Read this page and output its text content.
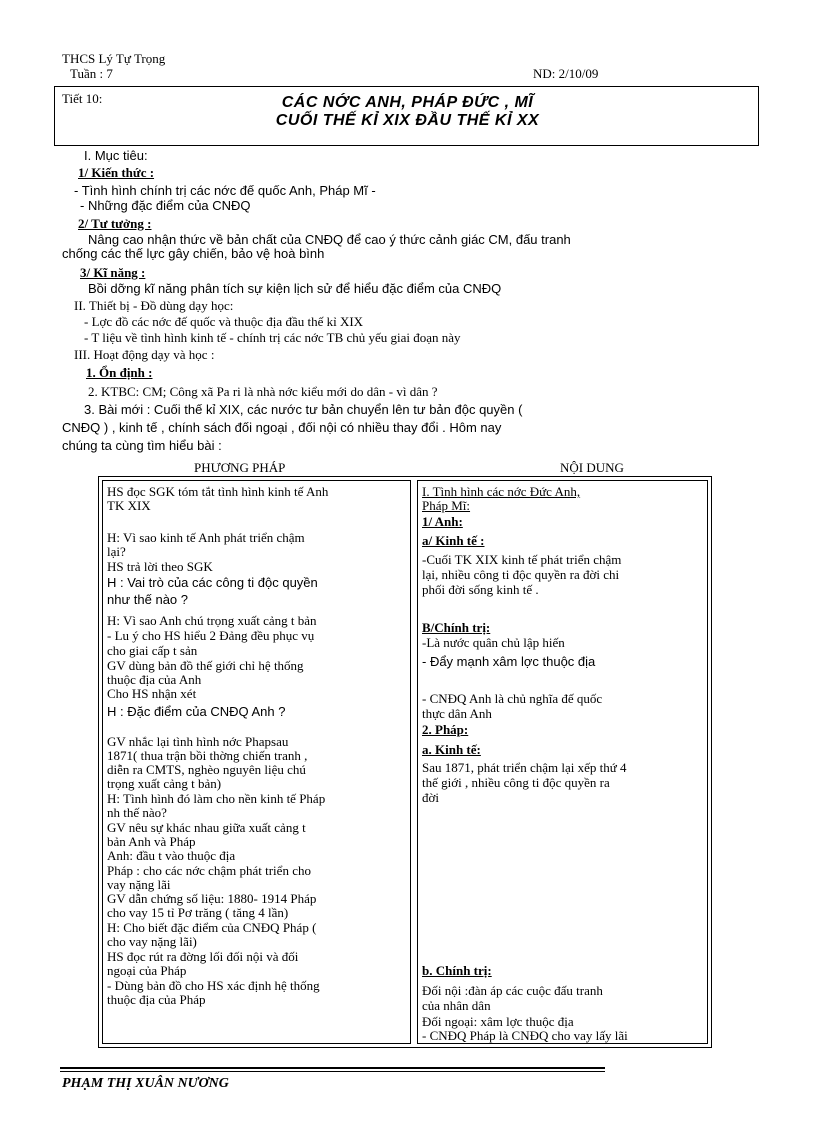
THCS Lý Tự Trọng
Tuần : 7	ND: 2/10/09
Tiết 10:	CÁC NỚC ANH, PHÁP ĐỨC , MĨ
CUỐI THẾ KỈ XIX ĐẦU THẾ KỈ XX
I. Mục tiêu:
1/ Kiến thức :
- Tình hình chính trị các nớc đế quốc Anh, Pháp Mĩ -
- Những đặc điểm của CNĐQ
2/ Tư tưởng :
Nâng cao nhận thức về bản chất của CNĐQ để cao ý thức cảnh giác CM, đấu tranh
chống các thế lực gây chiến, bảo vệ hoà bình
3/ Kĩ năng :
Bồi dỡng kĩ năng phân tích sự kiện lịch sử để hiểu đặc điểm của CNĐQ
II. Thiết bị - Đồ dùng dạy học:
- Lợc đồ các nớc đế quốc và thuộc địa đầu thế kỉ XIX
- T liệu về tình hình kinh tế - chính trị các nớc TB chủ yếu giai đoạn này
III. Hoạt động dạy và học :
1. Ổn định :
2. KTBC: CM; Công xã Pa ri là nhà nớc kiểu mới do dân - vì dân ?
3. Bài mới : Cuối thế kỉ XIX, các nước tư bản chuyển lên tư bản độc quyền (
CNĐQ ) , kinh tế , chính sách đối ngoại , đối nội có nhiều thay đổi . Hôm nay
chúng ta cùng tìm hiểu bài :
PHƯƠNG PHÁP	NỘI DUNG
HS đọc SGK tóm tắt tình hình kinh tế Anh
TK XIX
H: Vì sao kinh tế Anh phát triển chậm
lại?
HS trả lời theo SGK
H : Vai trò của các công ti độc quyền
như thế nào ?
H: Vì sao Anh chú trọng xuất cảng t bản
- Lu ý cho HS hiểu 2 Đảng đều phục vụ
cho giai cấp t sản
GV dùng bản đồ thế giới chỉ hệ thống
thuộc địa của Anh
Cho HS nhận xét
H : Đặc điểm của CNĐQ Anh ?
GV nhắc lại tình hình nớc Phapsau
1871( thua trận bồi thờng chiến tranh ,
diễn ra CMTS, nghèo nguyên liệu chú
trọng xuất cảng t bản)
H: Tình hình đó làm cho nền kinh tế Pháp
nh thế nào?
GV nêu sự khác nhau giữa xuất cảng t
bản Anh và Pháp
Anh: đầu t vào thuộc địa
Pháp : cho các nớc chậm phát triển cho
vay nặng lãi
GV dẫn chứng số liệu: 1880- 1914 Pháp
cho vay 15 tỉ Pơ trăng ( tăng 4 lần)
H: Cho biết đặc điểm của CNĐQ Pháp (
cho vay nặng lãi)
HS đọc rút ra đờng lối đối nội và đối
ngoại của Pháp
- Dùng bản đồ cho HS xác định hệ thống
thuộc địa của Pháp
I. Tình hình các nớc Đức Anh,
Pháp Mĩ:
1/ Anh:
a/ Kinh tế :
-Cuối TK XIX kinh tế phát triển chậm
lại, nhiều công ti độc quyền ra đời chi
phối đời sống kinh tế .
B/Chính trị:
-Là nước quân chủ lập hiến
- Đẩy mạnh xâm lợc thuộc địa
- CNĐQ Anh là chủ nghĩa đế quốc
thực dân Anh
2. Pháp:
a. Kinh tế:
Sau 1871, phát triển chậm lại xếp thứ 4
thế giới , nhiều công ti độc quyền ra
đời
b. Chính trị:
Đối nội :đàn áp các cuộc đấu tranh
của nhân dân
Đối ngoại: xâm lợc thuộc địa
- CNĐQ Pháp là CNĐQ cho vay lấy lãi
PHẠM THỊ XUÂN NƯƠNG
